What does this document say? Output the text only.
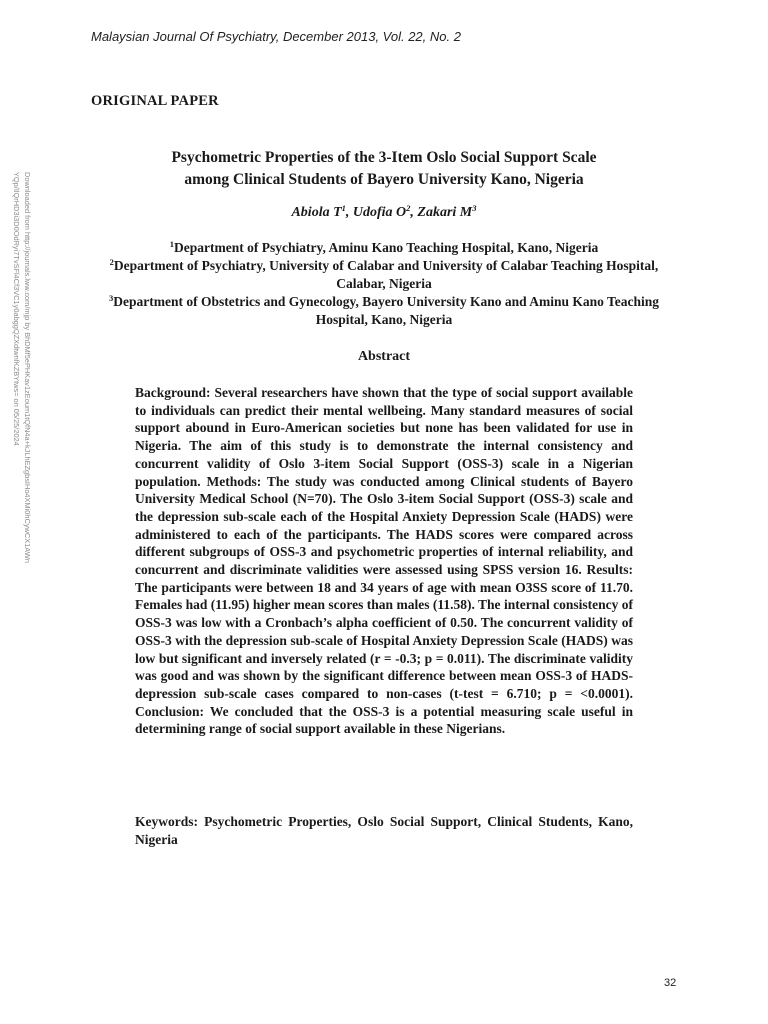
Malaysian Journal Of Psychiatry, December 2013, Vol. 22, No. 2
ORIGINAL PAPER
Psychometric Properties of the 3-Item Oslo Social Support Scale
among Clinical Students of Bayero University Kano, Nigeria
Abiola $T^1$, Udofia $O^2$, Zakari $M^3$

$^1$Department of Psychiatry, Aminu Kano Teaching Hospital, Kano, Nigeria

$^2$Department of Psychiatry, University of Calabar and University of Calabar Teaching Hospital, Calabar, Nigeria

$^3$Department of Obstetrics and Gynecology, Bayero University Kano and Aminu Kano Teaching Hospital, Kano, Nigeria

Abstract

Background: Several researchers have shown that the type of social support available to individuals can predict their mental wellbeing. Many standard measures of social support abound in Euro-American societies but none has been validated for use in Nigeria. The aim of this study is to demonstrate the internal consistency and concurrent validity of Oslo 3-item Social Support (OSS-3) scale in a Nigerian population. Methods: The study was conducted among Clinical students of Bayero University Medical School (N=70). The Oslo 3-item Social Support (OSS-3) scale and the depression sub-scale each of the Hospital Anxiety Depression Scale (HADS) were administered to each of the participants. The HADS scores were compared across different subgroups of OSS-3 and psychometric properties of internal reliability, and concurrent and discriminate validities were assessed using SPSS version 16. Results: The participants were between 18 and 34 years of age with mean O3SS score of 11.70. Females had (11.95) higher mean scores than males (11.58). The internal consistency of OSS-3 was low with a Cronbach’s alpha coefficient of 0.50. The concurrent validity of OSS-3 with the depression sub-scale of Hospital Anxiety Depression Scale (HADS) was low but significant and inversely related (r = -0.3; p = 0.011). The discriminate validity was good and was shown by the significant difference between mean OSS-3 of HADS-depression sub-scale cases compared to non-cases (t-test = 6.710; p = <0.0001). Conclusion: We concluded that the OSS-3 is a potential measuring scale useful in determining range of social support available in these Nigerians.

Keywords: Psychometric Properties, Oslo Social Support, Clinical Students, Kano, Nigeria

Downloaded from http://journals.lww.com/mjp by BhDMf5ePHKav1zEoum1tQfN4a+kJLhEZgbsIHo4XMi0hCywCX1AWn
YQp/IlQrHD3i3D0OdRyi7TvSFl4Cf3VC1y0abggQZXdtwnfKZBYtws= on 05/25/2024
32
